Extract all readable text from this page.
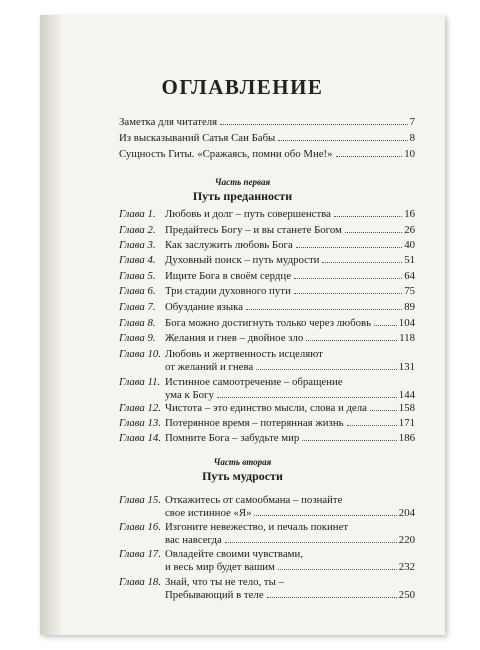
ОГЛАВЛЕНИЕ
Заметка для читателя	7
Из высказываний Сатья Саи Бабы	8
Сущность Гиты. «Сражаясь, помни обо Мне!»	10
Часть первая
Путь преданности
Глава 1. Любовь и долг – путь совершенства	16
Глава 2. Предайтесь Богу – и вы станете Богом	26
Глава 3. Как заслужить любовь Бога	40
Глава 4. Духовный поиск – путь мудрости	51
Глава 5. Ищите Бога в своём сердце	64
Глава 6. Три стадии духовного пути	75
Глава 7. Обуздание языка	89
Глава 8. Бога можно достигнуть только через любовь	104
Глава 9. Желания и гнев – двойное зло	118
Глава 10. Любовь и жертвенность исцеляют
от желаний и гнева	131
Глава 11. Истинное самоотречение – обращение
ума к Богу	144
Глава 12. Чистота – это единство мысли, слова и дела	158
Глава 13. Потерянное время – потерянная жизнь	171
Глава 14. Помните Бога – забудьте мир	186
Часть вторая
Путь мудрости
Глава 15. Откажитесь от самообмана – познайте
свое истинное «Я»	204
Глава 16. Изгоните невежество, и печаль покинет
вас навсегда	220
Глава 17. Овладейте своими чувствами,
и весь мир будет вашим	232
Глава 18. Знай, что ты не тело, ты –
Пребывающий в теле	250
